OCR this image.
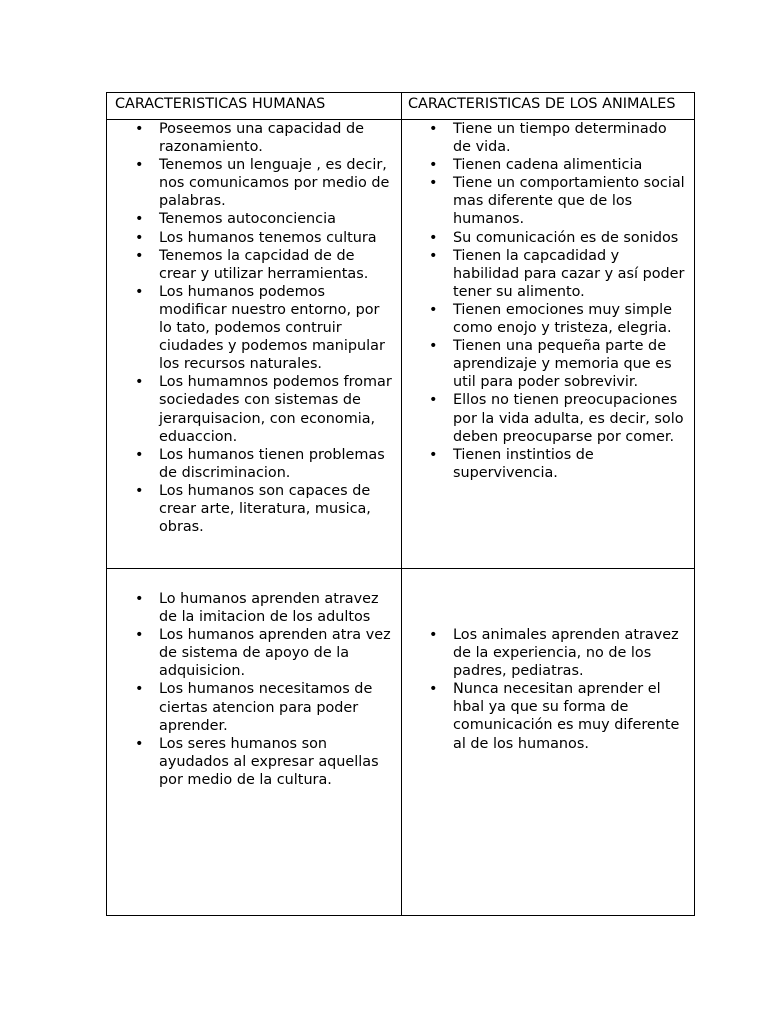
CARACTERISTICAS HUMANAS	CARACTERISTICAS DE LOS ANIMALES
• Poseemos una capacidad de razonamiento.
• Tenemos un lenguaje , es decir, nos comunicamos por medio de palabras.
• Tenemos autoconciencia
• Los humanos tenemos cultura
• Tenemos la capcidad de de crear y utilizar herramientas.
• Los humanos podemos modificar nuestro entorno, por lo tato, podemos contruir ciudades y podemos manipular los recursos naturales.
• Los humamnos podemos fromar sociedades con sistemas de jerarquisacion, con economia, eduaccion.
• Los humanos tienen problemas de discriminacion.
• Los humanos son capaces de crear arte, literatura, musica, obras.
• Tiene un tiempo determinado de vida.
• Tienen cadena alimenticia
• Tiene un comportamiento social mas diferente que de los humanos.
• Su comunicación es de sonidos
• Tienen la capcadidad y habilidad para cazar y así poder tener su alimento.
• Tienen emociones muy simple como enojo y tristeza, elegria.
• Tienen una pequeña parte de aprendizaje y memoria que es util para poder sobrevivir.
• Ellos no tienen preocupaciones por la vida adulta, es decir, solo deben preocuparse por comer.
• Tienen instintios de supervivencia.
• Lo humanos aprenden atravez de la imitacion de los adultos
• Los humanos aprenden atra vez de sistema de apoyo de la adquisicion.
• Los humanos necesitamos de ciertas atencion para poder aprender.
• Los seres humanos son ayudados al expresar aquellas por medio de la cultura.
• Los animales aprenden atravez de la experiencia, no de los padres, pediatras.
• Nunca necesitan aprender el hbal ya que su forma de comunicación es muy diferente al de los humanos.
